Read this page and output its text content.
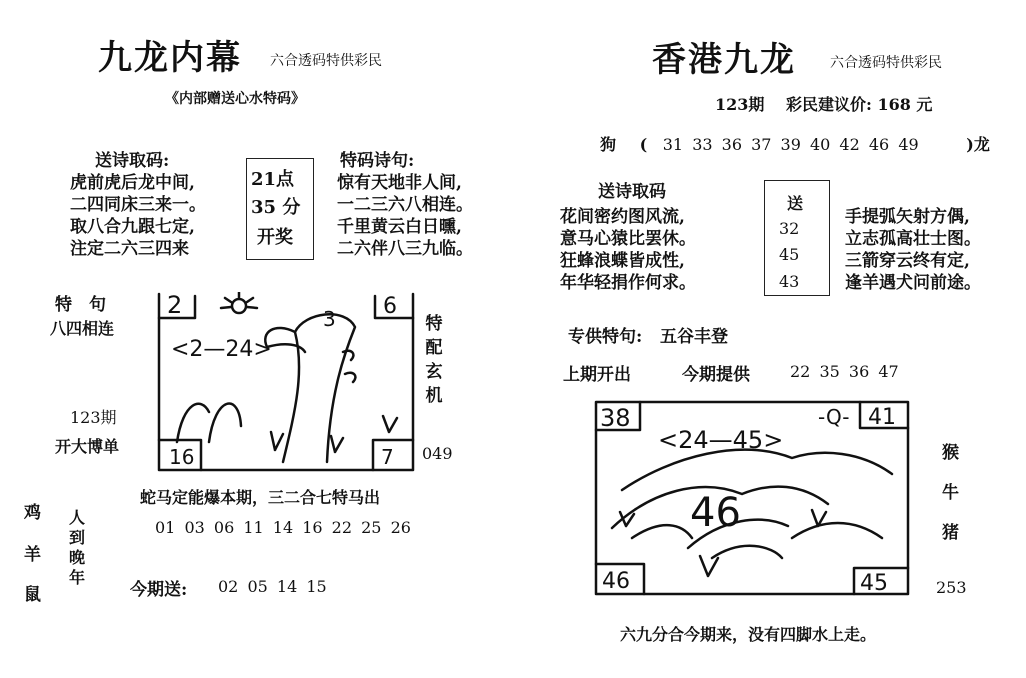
九龙内幕 六合透码特供彩民
《内部赠送心水特码》
送诗取码:
虎前虎后龙中间,
二四同床三来一。
取八合九跟七定,
注定二六三四来
21点
35 分
开奖
特码诗句:
惊有天地非人间,
一二三六八相连。
千里黄云白日曛,
二六伴八三九临。
特　句
八四相连
123期
开大博单
特配玄机
049
2	6
16	7
<2—24>
3
蛇马定能爆本期，三二合七特马出
01 03 06 11 14 16 22 25 26
鸡
羊
鼠
人到晚年
今期送: 02 05 14 15
香港九龙 六合透码特供彩民
123期　 彩民建议价: 168 元
狗 ( 31 33 36 37 39 40 42 46 49	)龙
送诗取码
花间密约图风流,
意马心猿比罢休。
狂蜂浪蝶皆成性,
年华轻捐作何求。
送
32
45
43
手提弧矢射方偶,
立志孤高壮士图。
三箭穿云终有定,
逢羊遇犬问前途。
专供特句: 五谷丰登
上期开出	今期提供	22 35 36 47
38	41
-Q-
46	45
<24—45>
46
猴
牛
猪
253
六九分合今期来，没有四脚水上走。
